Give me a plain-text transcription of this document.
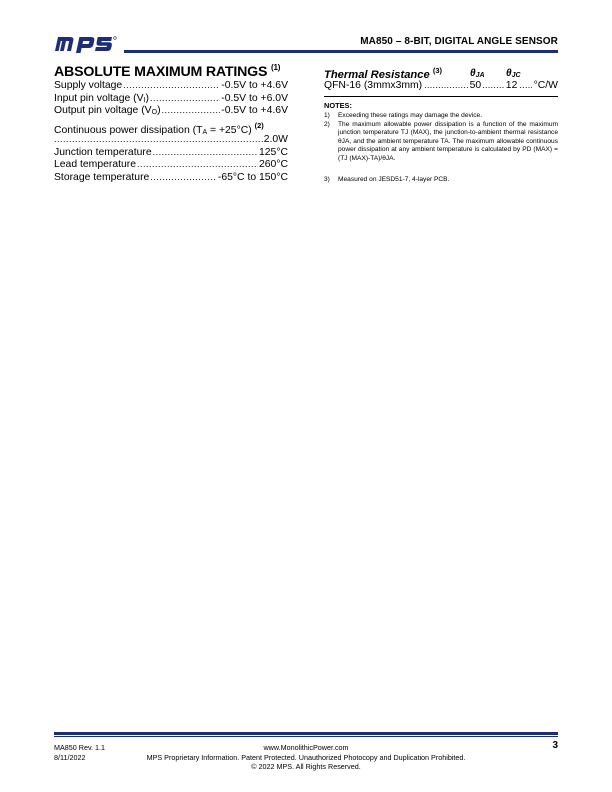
MA850 – 8-BIT, DIGITAL ANGLE SENSOR
ABSOLUTE MAXIMUM RATINGS $^{(1)}$
Supply voltage .....	-0.5V to +4.6V
Input pin voltage (VI) .....	-0.5V to +6.0V
Output pin voltage (VO) .....	-0.5V to +4.6V
Continuous power dissipation (TA = +25°C) $^{(2)}$
.....
2.0W
Junction temperature .....	125°C
Lead temperature .....	260°C
Storage temperature .....	-65°C to 150°C
Thermal Resistance $^{(3)}$	$\theta_{JA}$ $\theta_{JC}$
QFN-16 (3mmx3mm) .....	50 ..... 12 ..... °C/W
NOTES:
1)	Exceeding these ratings may damage the device.
2)	The maximum allowable power dissipation is a function of the maximum junction temperature TJ (MAX), the junction-to-ambient thermal resistance θJA, and the ambient temperature TA. The maximum allowable continuous power dissipation at any ambient temperature is calculated by PD (MAX) = (TJ (MAX)-TA)/θJA.
3)	Measured on JESD51-7, 4-layer PCB.
MA850 Rev. 1.1
8/11/2022
www.MonolithicPower.com
MPS Proprietary Information. Patent Protected. Unauthorized Photocopy and Duplication Prohibited.
© 2022 MPS. All Rights Reserved.
3
